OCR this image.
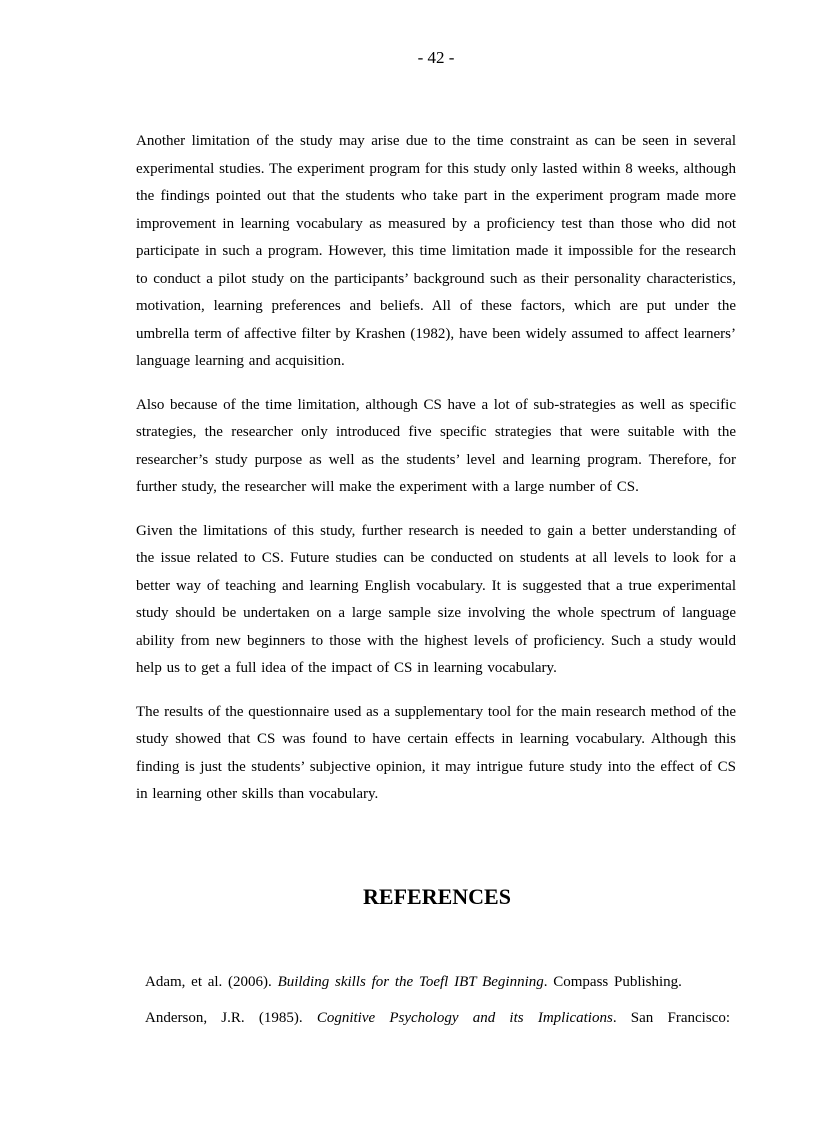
- 42 -

Another limitation of the study may arise due to the time constraint as can be seen in several experimental studies. The experiment program for this study only lasted within 8 weeks, although the findings pointed out that the students who take part in the experiment program made more improvement in learning vocabulary as measured by a proficiency test than those who did not participate in such a program. However, this time limitation made it impossible for the research to conduct a pilot study on the participants’ background such as their personality characteristics, motivation, learning preferences and beliefs. All of these factors, which are put under the umbrella term of affective filter by Krashen (1982), have been widely assumed to affect learners’ language learning and acquisition.

Also because of the time limitation, although CS have a lot of sub-strategies as well as specific strategies, the researcher only introduced five specific strategies that were suitable with the researcher’s study purpose as well as the students’ level and learning program. Therefore, for further study, the researcher will make the experiment with a large number of CS.

Given the limitations of this study, further research is needed to gain a better understanding of the issue related to CS. Future studies can be conducted on students at all levels to look for a better way of teaching and learning English vocabulary. It is suggested that a true experimental study should be undertaken on a large sample size involving the whole spectrum of language ability from new beginners to those with the highest levels of proficiency. Such a study would help us to get a full idea of the impact of CS in learning vocabulary.

The results of the questionnaire used as a supplementary tool for the main research method of the study showed that CS was found to have certain effects in learning vocabulary. Although this finding is just the students’ subjective opinion, it may intrigue future study into the effect of CS in learning other skills than vocabulary.

REFERENCES
Adam, et al. (2006). Building skills for the Toefl IBT Beginning. Compass Publishing.
Anderson, J.R. (1985). Cognitive Psychology and its Implications. San Francisco:
